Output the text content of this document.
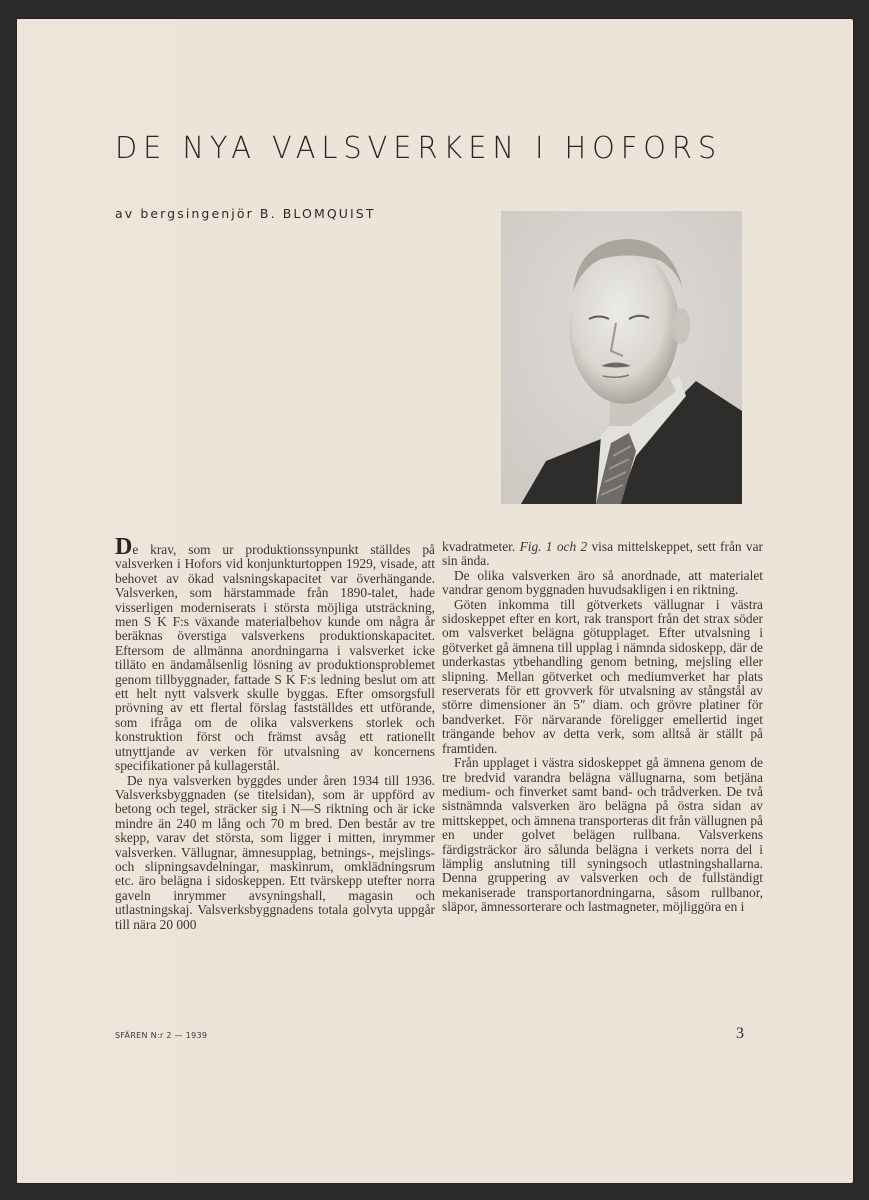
DE NYA VALSVERKEN I HOFORS
av bergsingenjör B. BLOMQUIST

De krav, som ur produktionssynpunkt ställdes på valsverken i Hofors vid konjunkturtoppen 1929, visade, att behovet av ökad valsningskapacitet var överhängande. Valsverken, som härstammade från 1890-talet, hade visserligen moderniserats i största möjliga utsträckning, men S K F:s växande materialbehov kunde om några år beräknas överstiga valsverkens produktionskapacitet. Eftersom de allmänna anordningarna i valsverket icke tilläto en ändamålsenlig lösning av produktionsproblemet genom tillbyggnader, fattade S K F:s ledning beslut om att ett helt nytt valsverk skulle byggas. Efter omsorgsfull prövning av ett flertal förslag fastställdes ett utförande, som ifråga om de olika valsverkens storlek och konstruktion först och främst avsåg ett rationellt utnyttjande av verken för utvalsning av koncernens specifikationer på kullagerstål.

De nya valsverken byggdes under åren 1934 till 1936. Valsverksbyggnaden (se titelsidan), som är uppförd av betong och tegel, sträcker sig i N—S riktning och är icke mindre än 240 m lång och 70 m bred. Den består av tre skepp, varav det största, som ligger i mitten, inrymmer valsverken. Vällugnar, ämnesupplag, betnings-, mejslings- och slipningsavdelningar, maskinrum, omklädningsrum etc. äro belägna i sidoskeppen. Ett tvärskepp utefter norra gaveln inrymmer avsyningshall, magasin och utlastningskaj. Valsverksbyggnadens totala golvyta uppgår till nära 20 000

kvadratmeter. Fig. 1 och 2 visa mittelskeppet, sett från var sin ända.

De olika valsverken äro så anordnade, att materialet vandrar genom byggnaden huvudsakligen i en riktning.

Göten inkomma till götverkets vällugnar i västra sidoskeppet efter en kort, rak transport från det strax söder om valsverket belägna götupplaget. Efter utvalsning i götverket gå ämnena till upplag i nämnda sidoskepp, där de underkastas ytbehandling genom betning, mejsling eller slipning. Mellan götverket och mediumverket har plats reserverats för ett grovverk för utvalsning av stångstål av större dimensioner än 5″ diam. och grövre platiner för bandverket. För närvarande föreligger emellertid inget trängande behov av detta verk, som alltså är ställt på framtiden.

Från upplaget i västra sidoskeppet gå ämnena genom de tre bredvid varandra belägna vällugnarna, som betjäna medium- och finverket samt band- och trådverken. De två sistnämnda valsverken äro belägna på östra sidan av mittskeppet, och ämnena transporteras dit från vällugnen på en under golvet belägen rullbana. Valsverkens färdigsträckor äro sålunda belägna i verkets norra del i lämplig anslutning till syningsoch utlastningshallarna. Denna gruppering av valsverken och de fullständigt mekaniserade transportanordningarna, såsom rullbanor, släpor, ämnessorterare och lastmagneter, möjliggöra en i

SFÄREN N:r 2 — 1939	3
